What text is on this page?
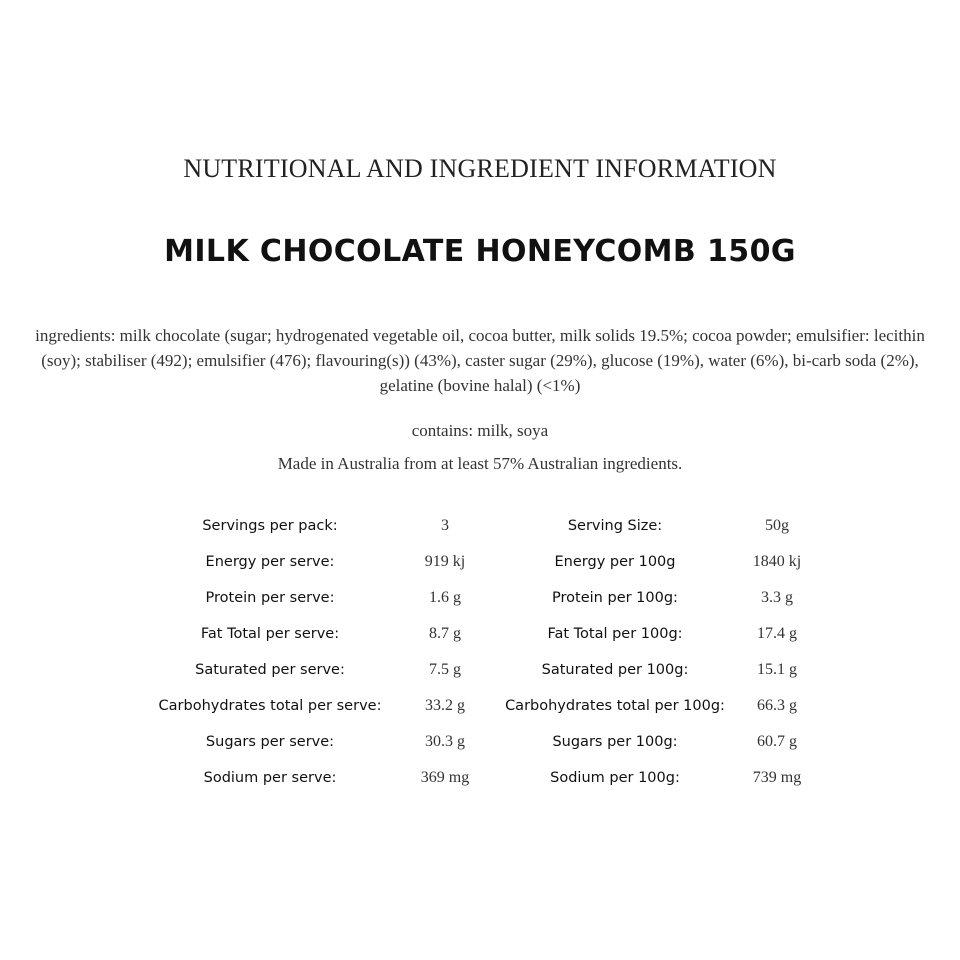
NUTRITIONAL AND INGREDIENT INFORMATION
MILK CHOCOLATE HONEYCOMB 150G
ingredients: milk chocolate (sugar; hydrogenated vegetable oil, cocoa butter, milk solids 19.5%; cocoa powder; emulsifier: lecithin (soy); stabiliser (492); emulsifier (476); flavouring(s)) (43%), caster sugar (29%), glucose (19%), water (6%), bi-carb soda (2%), gelatine (bovine halal) (<1%)
contains: milk, soya
Made in Australia from at least 57% Australian ingredients.
Servings per pack:	3	Serving Size:	50g
Energy per serve:	919 kj	Energy per 100g	1840 kj
Protein per serve:	1.6 g	Protein per 100g:	3.3 g
Fat Total per serve:	8.7 g	Fat Total per 100g:	17.4 g
Saturated per serve:	7.5 g	Saturated per 100g:	15.1 g
Carbohydrates total per serve:	33.2 g	Carbohydrates total per 100g: 66.3 g
Sugars per serve:	30.3 g	Sugars per 100g:	60.7 g
Sodium per serve:	369 mg	Sodium per 100g:	739 mg
